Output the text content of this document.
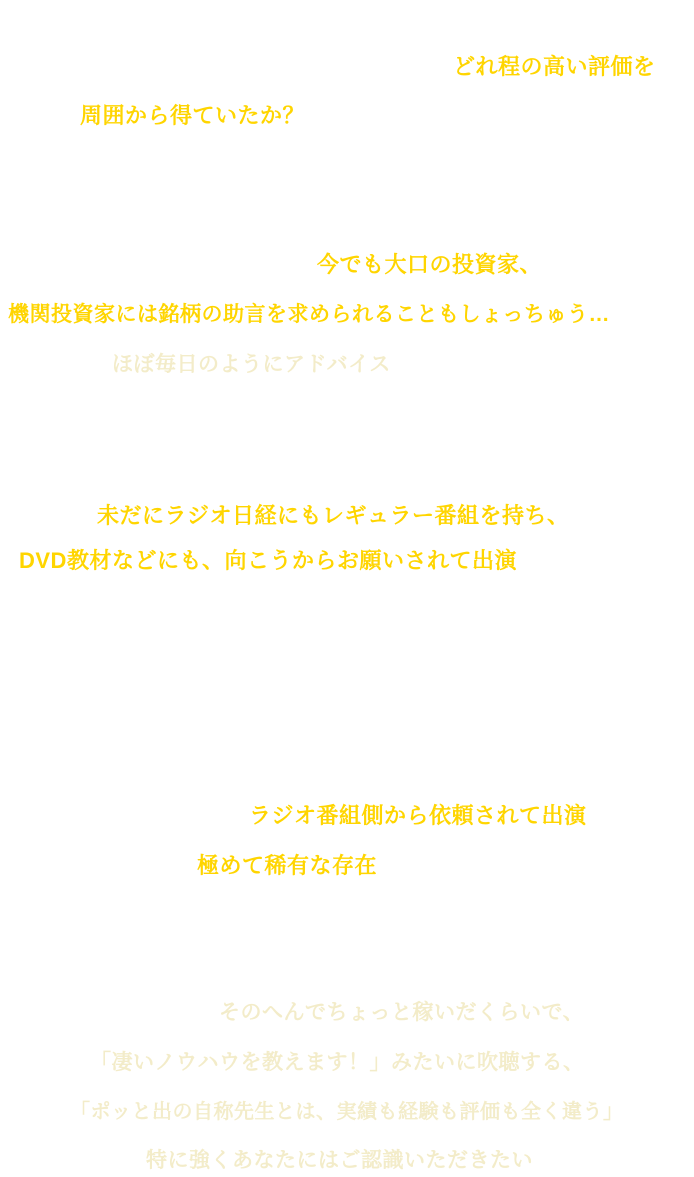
どれ程の高い評価を
周囲から得ていたか？
今でも大口の投資家、
機関投資家には銘柄の助言を求められることもしょっちゅう…
ほぼ毎日のようにアドバイス
未だにラジオ日経にもレギュラー番組を持ち、
DVD教材などにも、向こうからお願いされて出演
ラジオ番組側から依頼されて出演
極めて稀有な存在
そのへんでちょっと稼いだくらいで、
「凄いノウハウを教えます！」みたいに吹聴する、
「ポッと出の自称先生とは、実績も経験も評価も全く違う」
特に強くあなたにはご認識いただきたい
